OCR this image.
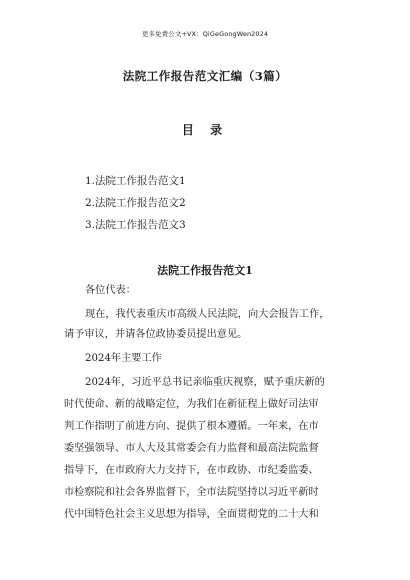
更多免费公文+VX：QiGeGongWen2024
法院工作报告范文汇编（3篇）
目 录
1.法院工作报告范文1
2.法院工作报告范文2
3.法院工作报告范文3
法院工作报告范文1
各位代表：
现在，我代表重庆市高级人民法院，向大会报告工作，
请予审议，并请各位政协委员提出意见。
2024年主要工作
2024年，习近平总书记亲临重庆视察，赋予重庆新的
时代使命、新的战略定位，为我们在新征程上做好司法审
判工作指明了前进方向、提供了根本遵循。一年来，在市
委坚强领导、市人大及其常委会有力监督和最高法院监督
指导下，在市政府大力支持下，在市政协、市纪委监委、
市检察院和社会各界监督下，全市法院坚持以习近平新时
代中国特色社会主义思想为指导，全面贯彻党的二十大和
